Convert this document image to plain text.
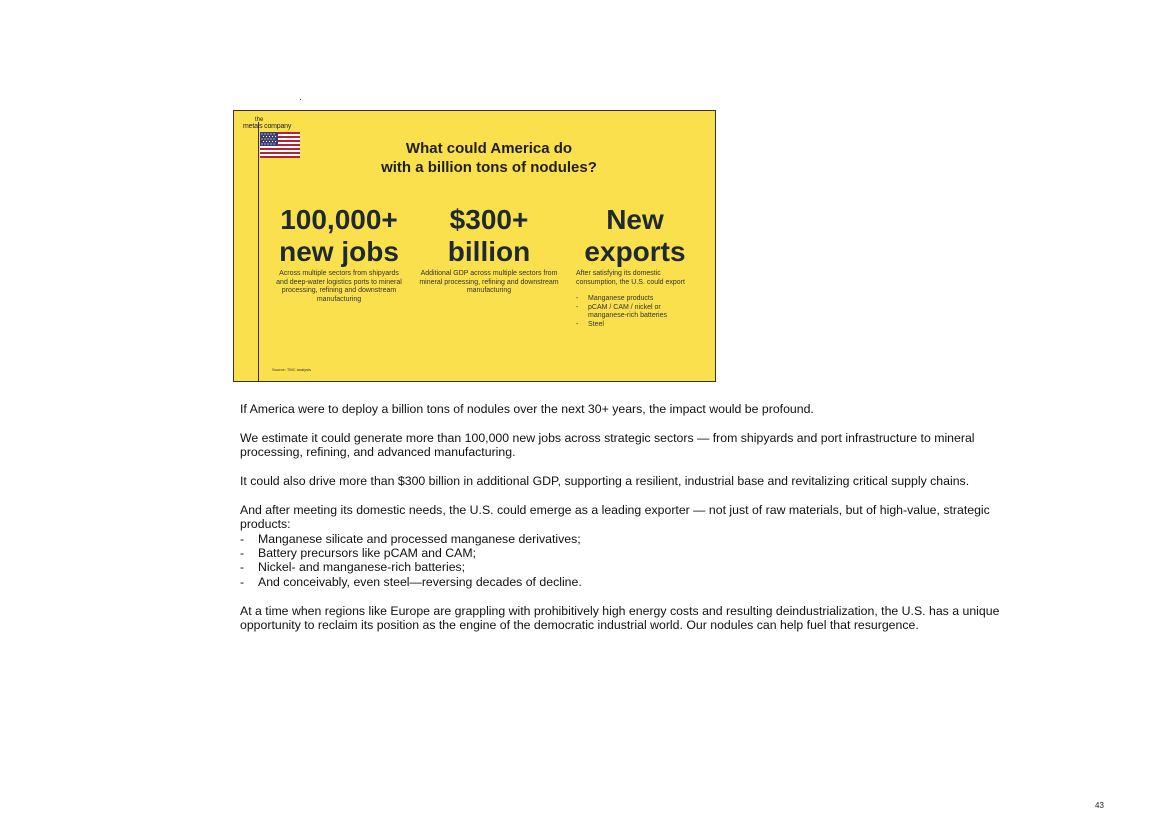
the
metals company
What could America do
with a billion tons of nodules?
100,000+
new jobs
Across multiple sectors from shipyards and deep-water logistics ports to mineral processing, refining and downstream manufacturing
$300+
billion
Additional GDP across multiple sectors from mineral processing, refining and downstream manufacturing
New
exports
After satisfying its domestic consumption, the U.S. could export
-	Manganese products
-	pCAM / CAM / nickel or manganese-rich batteries
-	Steel
Source: TMC analysis

If America were to deploy a billion tons of nodules over the next 30+ years, the impact would be profound.

We estimate it could generate more than 100,000 new jobs across strategic sectors — from shipyards and port infrastructure to mineral processing, refining, and advanced manufacturing.

It could also drive more than $300 billion in additional GDP, supporting a resilient, industrial base and revitalizing critical supply chains.

And after meeting its domestic needs, the U.S. could emerge as a leading exporter — not just of raw materials, but of high-value, strategic products:
-	Manganese silicate and processed manganese derivatives;
-	Battery precursors like pCAM and CAM;
-	Nickel- and manganese-rich batteries;
-	And conceivably, even steel—reversing decades of decline.

At a time when regions like Europe are grappling with prohibitively high energy costs and resulting deindustrialization, the U.S. has a unique opportunity to reclaim its position as the engine of the democratic industrial world. Our nodules can help fuel that resurgence.

43
